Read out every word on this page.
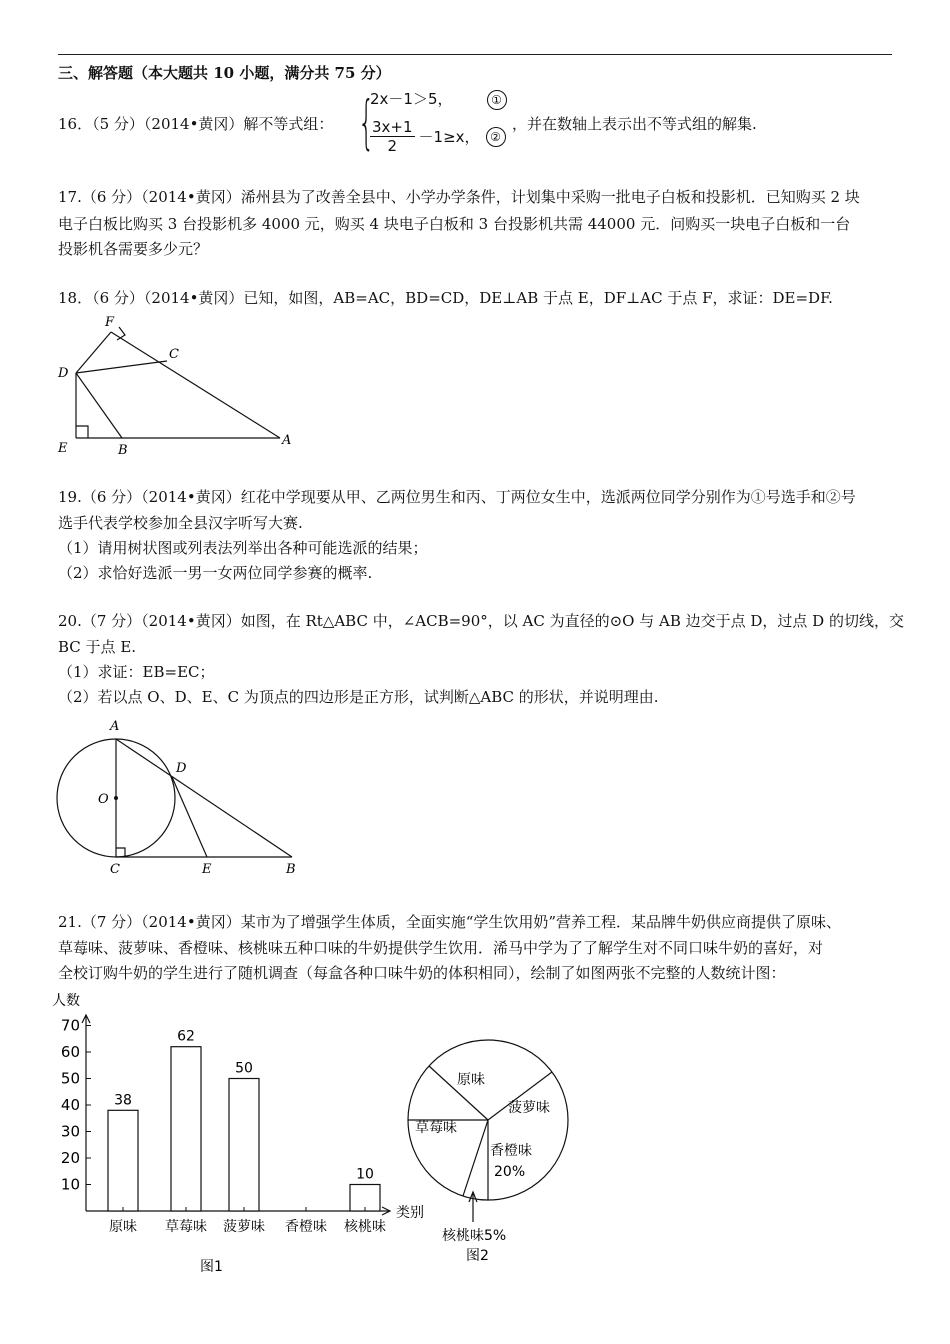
三、解答题（本大题共 10 小题，满分共 75 分）
16．（5 分）（2014•黄冈）解不等式组： {
2x－1＞5，	①
$\frac{3x+1}{2} -1\ge x$， ②
，并在数轴上表示出不等式组的解集.
17.（6 分）（2014•黄冈）浠州县为了改善全县中、小学办学条件，计划集中采购一批电子白板和投影机．已知购买 2 块
电子白板比购买 3 台投影机多 4000 元，购买 4 块电子白板和 3 台投影机共需 44000 元．问购买一块电子白板和一台
投影机各需要多少元？
18．（6 分）（2014•黄冈）已知，如图，AB=AC，BD=CD，DE⊥AB 于点 E，DF⊥AC 于点 F，求证：DE=DF.
F
C
D
E	B
A
19.（6 分）（2014•黄冈）红花中学现要从甲、乙两位男生和丙、丁两位女生中，选派两位同学分别作为①号选手和②号
选手代表学校参加全县汉字听写大赛.
（1）请用树状图或列表法列举出各种可能选派的结果；
（2）求恰好选派一男一女两位同学参赛的概率.
20.（7 分）（2014•黄冈）如图，在 Rt△ABC 中，∠ACB=90°，以 AC 为直径的⊙O 与 AB 边交于点 D，过点 D 的切线，交
BC 于点 E.
（1）求证：EB=EC；
（2）若以点 O、D、E、C 为顶点的四边形是正方形，试判断△ABC 的形状，并说明理由.
A
D
O
C	E	B
21.（7 分）（2014•黄冈）某市为了增强学生体质，全面实施“学生饮用奶”营养工程．某品牌牛奶供应商提供了原味、
草莓味、菠萝味、香橙味、核桃味五种口味的牛奶提供学生饮用．浠马中学为了了解学生对不同口味牛奶的喜好，对
全校订购牛奶的学生进行了随机调查（每盒各种口味牛奶的体积相同），绘制了如图两张不完整的人数统计图：
人数
类别
10
20
30
40
50
60
70
38
原味
62
草莓味
50
菠萝味 香橙味
10
核桃味
图1
原味
菠萝味
香橙味
20%
草莓味
核桃味5%
图2
